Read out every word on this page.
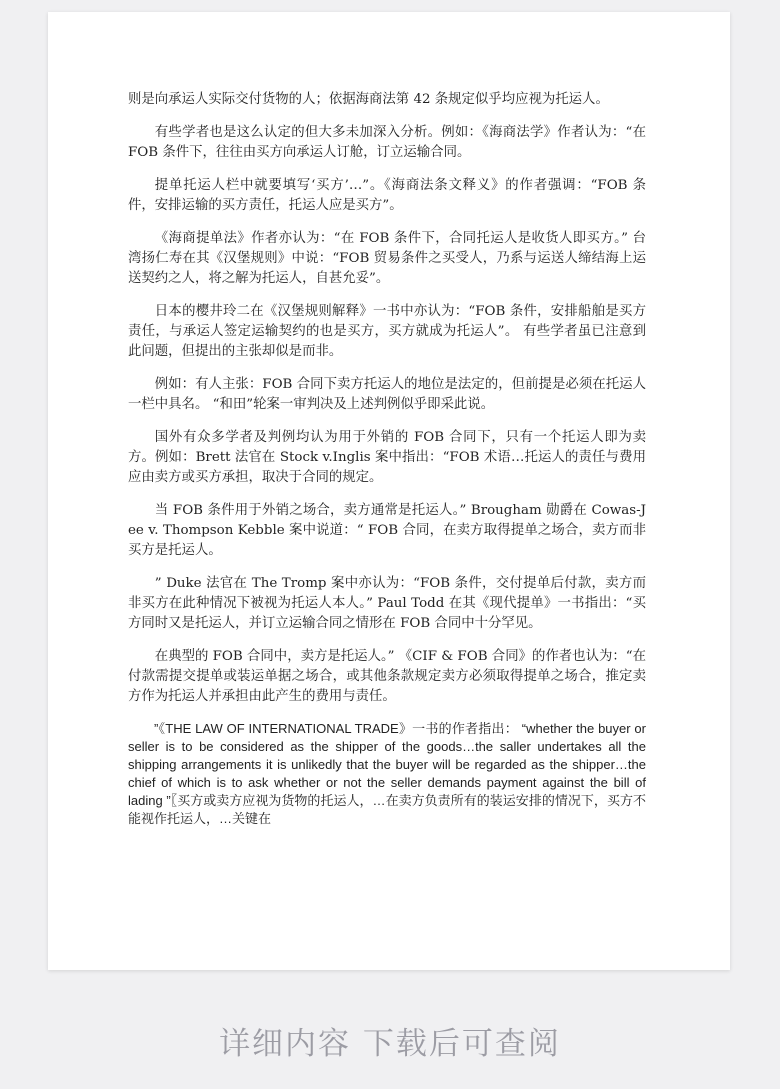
则是向承运人实际交付货物的人；依据海商法第 42 条规定似乎均应视为托运人。

有些学者也是这么认定的但大多未加深入分析。例如：《海商法学》作者认为：“在 FOB 条件下，往往由买方向承运人订舱，订立运输合同。

提单托运人栏中就要填写‘买方’…”。《海商法条文释义》的作者强调：“FOB 条件，安排运输的买方责任，托运人应是买方”。

《海商提单法》作者亦认为：“在 FOB 条件下，合同托运人是收货人即买方。” 台湾扬仁寿在其《汉堡规则》中说：“FOB 贸易条件之买受人，乃系与运送人缔结海上运送契约之人，将之解为托运人，自甚允妥”。

日本的樱井玲二在《汉堡规则解释》一书中亦认为：“FOB 条件，安排船舶是买方责任，与承运人签定运输契约的也是买方，买方就成为托运人”。 有些学者虽已注意到此问题，但提出的主张却似是而非。

例如：有人主张：FOB 合同下卖方托运人的地位是法定的，但前提是必须在托运人一栏中具名。 “和田”轮案一审判决及上述判例似乎即采此说。

国外有众多学者及判例均认为用于外销的 FOB 合同下，只有一个托运人即为卖方。例如：Brett 法官在 Stock v.Inglis 案中指出：“FOB 术语…托运人的责任与费用应由卖方或买方承担，取决于合同的规定。

当 FOB 条件用于外销之场合，卖方通常是托运人。” Brougham 勋爵在 Cowas-Jee v. Thompson Kebble 案中说道：“ FOB 合同，在卖方取得提单之场合，卖方而非买方是托运人。

” Duke 法官在 The Tromp 案中亦认为：“FOB 条件，交付提单后付款，卖方而非买方在此种情况下被视为托运人本人。” Paul Todd 在其《现代提单》一书指出：“买方同时又是托运人，并订立运输合同之情形在 FOB 合同中十分罕见。

在典型的 FOB 合同中，卖方是托运人。” 《CIF & FOB 合同》的作者也认为：“在付款需提交提单或装运单据之场合，或其他条款规定卖方必须取得提单之场合，推定卖方作为托运人并承担由此产生的费用与责任。

”《THE LAW OF INTERNATIONAL TRADE》一书的作者指出： “whether the buyer or seller is to be considered as the shipper of the goods…the saller undertakes all the shipping arrangements it is unlikedly that the buyer will be regarded as the shipper…the chief of which is to ask whether or not the seller demands payment against the bill of lading ”〖买方或卖方应视为货物的托运人，…在卖方负责所有的装运安排的情况下，买方不能视作托运人，…关键在

详细内容 下载后可查阅
